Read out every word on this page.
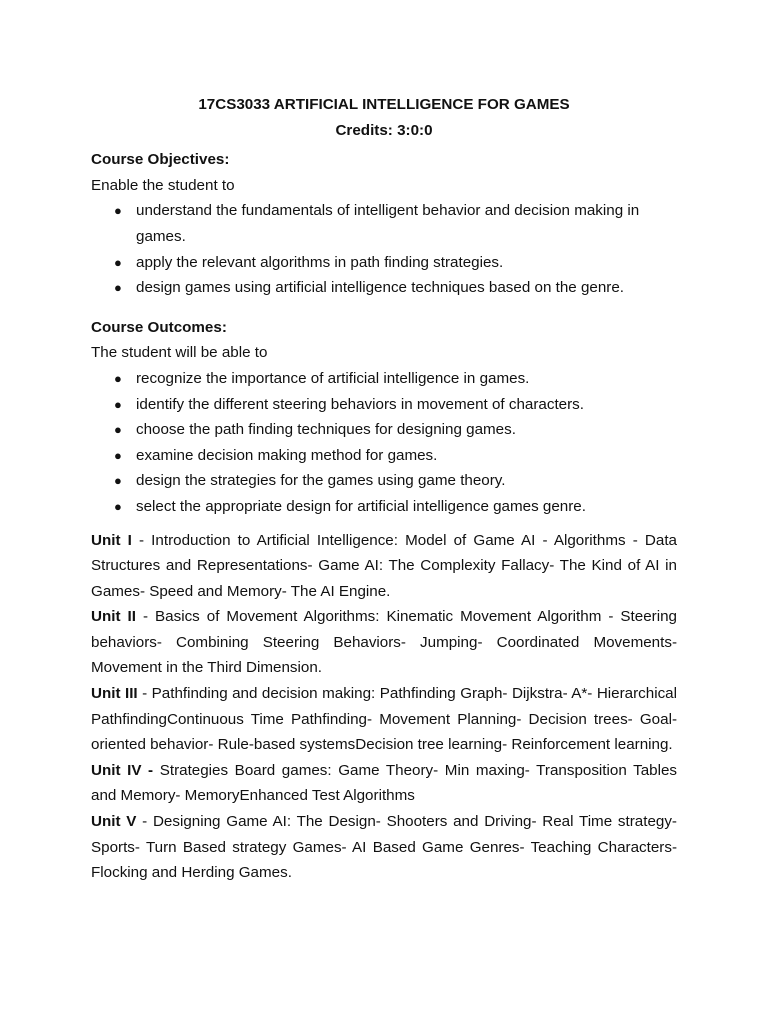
17CS3033 ARTIFICIAL INTELLIGENCE FOR GAMES
Credits: 3:0:0
Course Objectives:
Enable the student to
● understand the fundamentals of intelligent behavior and decision making in games.
● apply the relevant algorithms in path finding strategies.
● design games using artificial intelligence techniques based on the genre.
Course Outcomes:
The student will be able to
● recognize the importance of artificial intelligence in games.
● identify the different steering behaviors in movement of characters.
● choose the path finding techniques for designing games.
● examine decision making method for games.
● design the strategies for the games using game theory.
● select the appropriate design for artificial intelligence games genre.
Unit I - Introduction to Artificial Intelligence: Model of Game AI - Algorithms - Data Structures and Representations- Game AI: The Complexity Fallacy- The Kind of AI in Games- Speed and Memory- The AI Engine.
Unit II - Basics of Movement Algorithms: Kinematic Movement Algorithm - Steering behaviors- Combining Steering Behaviors- Jumping- Coordinated Movements- Movement in the Third Dimension.
Unit III - Pathfinding and decision making: Pathfinding Graph- Dijkstra- A*- Hierarchical PathfindingContinuous Time Pathfinding- Movement Planning- Decision trees- Goal-oriented behavior- Rule-based systemsDecision tree learning- Reinforcement learning.
Unit IV - Strategies Board games: Game Theory- Min maxing- Transposition Tables and Memory- MemoryEnhanced Test Algorithms
Unit V - Designing Game AI: The Design- Shooters and Driving- Real Time strategy-Sports- Turn Based strategy Games- AI Based Game Genres- Teaching Characters-Flocking and Herding Games.
